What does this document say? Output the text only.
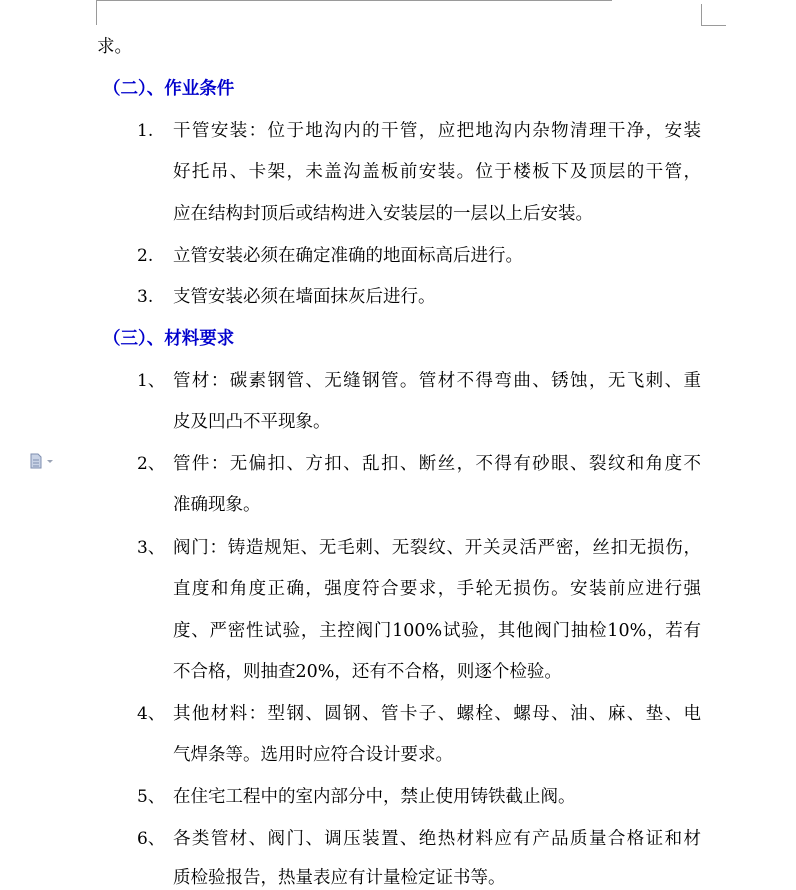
求。
（二）、作业条件
1. 干管安装：位于地沟内的干管，应把地沟内杂物清理干净，安装
好托吊、卡架，未盖沟盖板前安装。位于楼板下及顶层的干管，
应在结构封顶后或结构进入安装层的一层以上后安装。
2. 立管安装必须在确定准确的地面标高后进行。
3. 支管安装必须在墙面抹灰后进行。
（三）、材料要求
1、 管材：碳素钢管、无缝钢管。管材不得弯曲、锈蚀，无飞刺、重
皮及凹凸不平现象。
2、 管件：无偏扣、方扣、乱扣、断丝，不得有砂眼、裂纹和角度不
准确现象。
3、 阀门：铸造规矩、无毛刺、无裂纹、开关灵活严密，丝扣无损伤，
直度和角度正确，强度符合要求，手轮无损伤。安装前应进行强
度、严密性试验，主控阀门100%试验，其他阀门抽检10%，若有
不合格，则抽查20%，还有不合格，则逐个检验。
4、 其他材料：型钢、圆钢、管卡子、螺栓、螺母、油、麻、垫、电
气焊条等。选用时应符合设计要求。
5、 在住宅工程中的室内部分中，禁止使用铸铁截止阀。
6、 各类管材、阀门、调压装置、绝热材料应有产品质量合格证和材
质检验报告，热量表应有计量检定证书等。
